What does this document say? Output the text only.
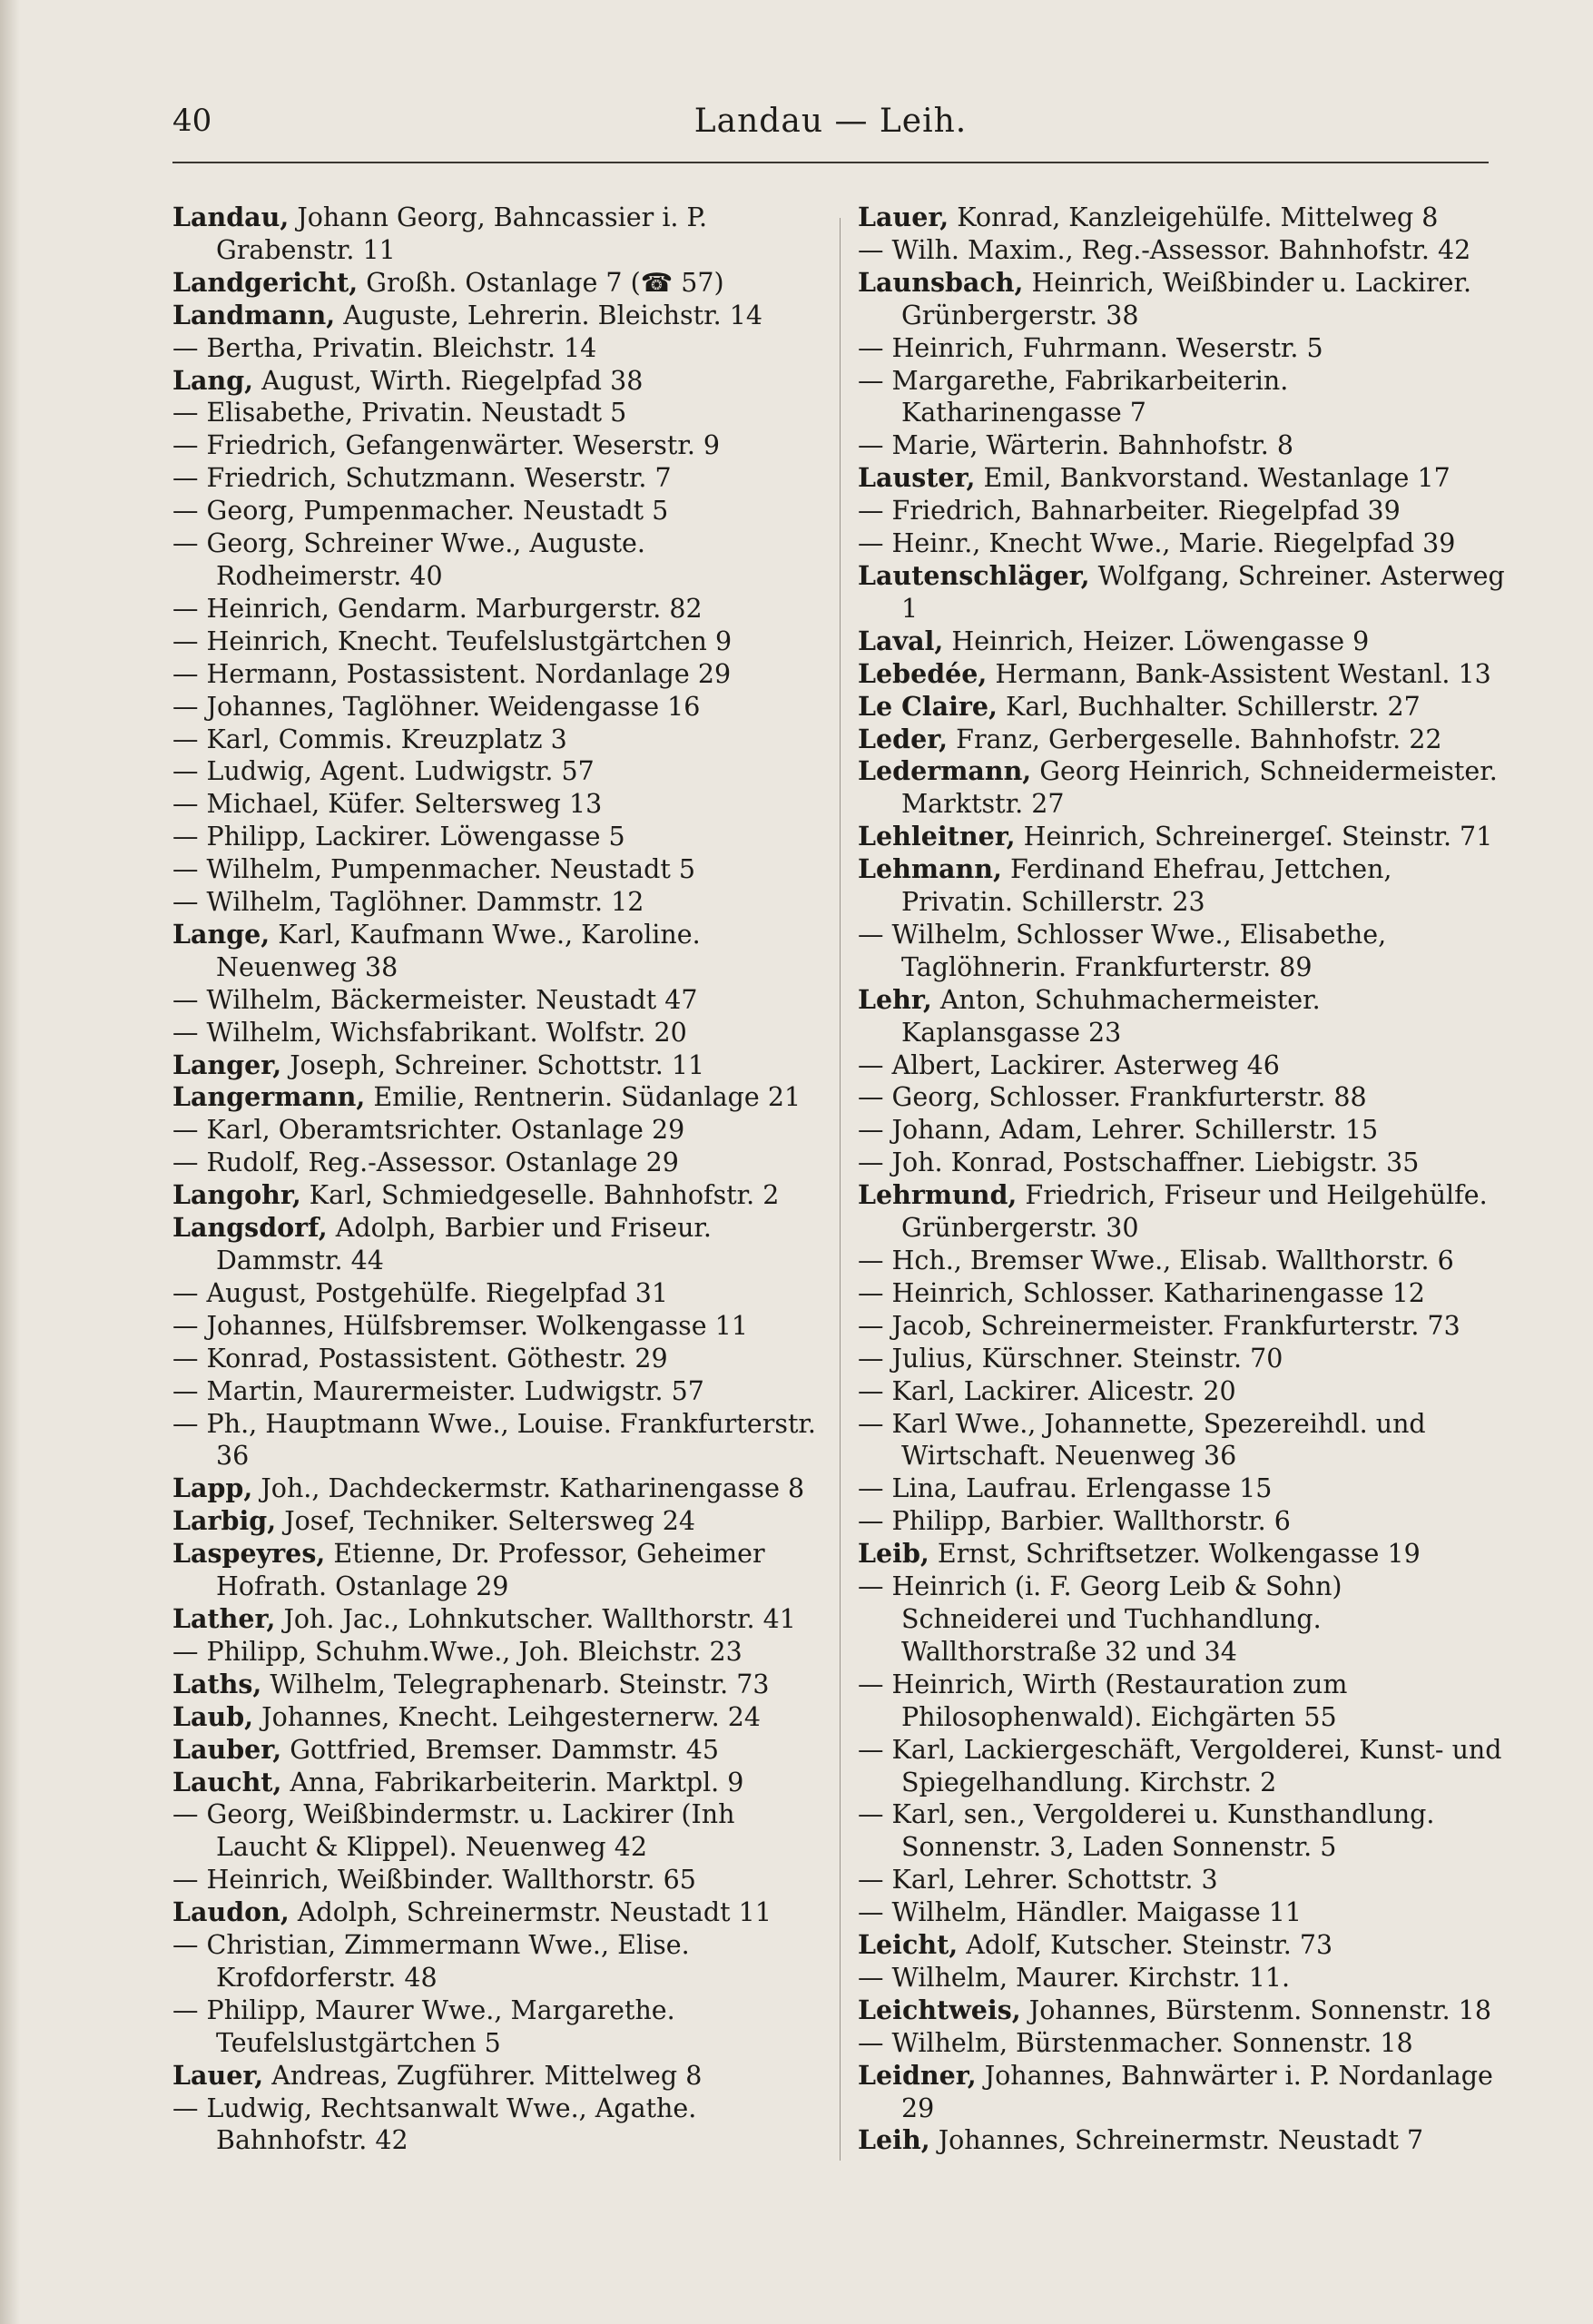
40	Landau — Leih.
Landau, Johann Georg, Bahncassier i. P. Grabenstr. 11
Landgericht, Großh. Ostanlage 7 (☎ 57)
Landmann, Auguste, Lehrerin. Bleichstr. 14
— Bertha, Privatin. Bleichstr. 14
Lang, August, Wirth. Riegelpfad 38
— Elisabethe, Privatin. Neustadt 5
— Friedrich, Gefangenwärter. Weserstr. 9
— Friedrich, Schutzmann. Weserstr. 7
— Georg, Pumpenmacher. Neustadt 5
— Georg, Schreiner Wwe., Auguste. Rodheimerstr. 40
— Heinrich, Gendarm. Marburgerstr. 82
— Heinrich, Knecht. Teufelslustgärtchen 9
— Hermann, Postassistent. Nordanlage 29
— Johannes, Taglöhner. Weidengasse 16
— Karl, Commis. Kreuzplatz 3
— Ludwig, Agent. Ludwigstr. 57
— Michael, Küfer. Selterswеg 13
— Philipp, Lackirer. Löwengasse 5
— Wilhelm, Pumpenmacher. Neustadt 5
— Wilhelm, Taglöhner. Dammstr. 12
Lange, Karl, Kaufmann Wwe., Karoline. Neuenweg 38
— Wilhelm, Bäckermeister. Neustadt 47
— Wilhelm, Wichsfabrikant. Wolfstr. 20
Langer, Joseph, Schreiner. Schottstr. 11
Langermann, Emilie, Rentnerin. Südanlage 21
— Karl, Oberamtsrichter. Ostanlage 29
— Rudolf, Reg.-Assessor. Ostanlage 29
Langohr, Karl, Schmiedgeselle. Bahnhofstr. 2
Langsdorf, Adolph, Barbier und Friseur. Dammstr. 44
— August, Postgehülfe. Riegelpfad 31
— Johannes, Hülfsbremser. Wolkengasse 11
— Konrad, Postassistent. Göthestr. 29
— Martin, Maurermeister. Ludwigstr. 57
— Ph., Hauptmann Wwe., Louise. Frankfurterstr. 36
Lapp, Joh., Dachdeckermstr. Katharinengasse 8
Larbig, Josef, Techniker. Seltersweg 24
Laspeyres, Etienne, Dr. Professor, Geheimer Hofrath. Ostanlage 29
Lather, Joh. Jac., Lohnkutscher. Wallthorstr. 41
— Philipp, Schuhm.Wwe., Joh. Bleichstr. 23
Laths, Wilhelm, Telegraphenarb. Steinstr. 73
Laub, Johannes, Knecht. Leihgesternerw. 24
Lauber, Gottfried, Bremser. Dammstr. 45
Laucht, Anna, Fabrikarbeiterin. Marktpl. 9
— Georg, Weißbindermstr. u. Lackirer (Inh Laucht & Klippel). Neuenweg 42
— Heinrich, Weißbinder. Wallthorstr. 65
Laudon, Adolph, Schreinermstr. Neustadt 11
— Christian, Zimmermann Wwe., Elise. Krofdorferstr. 48
— Philipp, Maurer Wwe., Margarethe. Teufelslustgärtchen 5
Lauer, Andreas, Zugführer. Mittelweg 8
— Ludwig, Rechtsanwalt Wwe., Agathe. Bahnhofstr. 42
Lauer, Konrad, Kanzleigehülfe. Mittelweg 8
— Wilh. Maxim., Reg.-Assessor. Bahnhofstr. 42
Launsbach, Heinrich, Weißbinder u. Lackirer. Grünbergerstr. 38
— Heinrich, Fuhrmann. Weserstr. 5
— Margarethe, Fabrikarbeiterin. Katharinengasse 7
— Marie, Wärterin. Bahnhofstr. 8
Lauster, Emil, Bankvorstand. Westanlage 17
— Friedrich, Bahnarbeiter. Riegelpfad 39
— Heinr., Knecht Wwe., Marie. Riegelpfad 39
Lautenschläger, Wolfgang, Schreiner. Asterweg 1
Laval, Heinrich, Heizer. Löwengasse 9
Lebedée, Hermann, Bank-Assistent Westanl. 13
Le Claire, Karl, Buchhalter. Schillerstr. 27
Leder, Franz, Gerbergeselle. Bahnhofstr. 22
Ledermann, Georg Heinrich, Schneidermeister. Marktstr. 27
Lehleitner, Heinrich, Schreinergeſ. Steinstr. 71
Lehmann, Ferdinand Ehefrau, Jettchen, Privatin. Schillerstr. 23
— Wilhelm, Schlosser Wwe., Elisabethe, Taglöhnerin. Frankfurterstr. 89
Lehr, Anton, Schuhmachermeister. Kaplansgasse 23
— Albert, Lackirer. Asterweg 46
— Georg, Schlosser. Frankfurterstr. 88
— Johann, Adam, Lehrer. Schillerstr. 15
— Joh. Konrad, Postschaffner. Liebigstr. 35
Lehrmund, Friedrich, Friseur und Heilgehülfe. Grünbergerstr. 30
— Hch., Bremser Wwe., Elisab. Wallthorstr. 6
— Heinrich, Schlosser. Katharinengasse 12
— Jacob, Schreinermeister. Frankfurterstr. 73
— Julius, Kürschner. Steinstr. 70
— Karl, Lackirer. Alicestr. 20
— Karl Wwe., Johannette, Spezereihdl. und Wirtschaft. Neuenweg 36
— Lina, Laufrau. Erlengasse 15
— Philipp, Barbier. Wallthorstr. 6
Leib, Ernst, Schriftsetzer. Wolkengasse 19
— Heinrich (i. F. Georg Leib & Sohn) Schneiderei und Tuchhandlung. Wallthorstraße 32 und 34
— Heinrich, Wirth (Restauration zum Philosophenwald). Eichgärten 55
— Karl, Lackiergeschäft, Vergolderei, Kunst- und Spiegelhandlung. Kirchstr. 2
— Karl, sen., Vergolderei u. Kunsthandlung. Sonnenstr. 3, Laden Sonnenstr. 5
— Karl, Lehrer. Schottstr. 3
— Wilhelm, Händler. Maigasse 11
Leicht, Adolf, Kutscher. Steinstr. 73
— Wilhelm, Maurer. Kirchstr. 11.
Leichtweis, Johannes, Bürstenm. Sonnenstr. 18
— Wilhelm, Bürstenmacher. Sonnenstr. 18
Leidner, Johannes, Bahnwärter i. P. Nordanlage 29
Leih, Johannes, Schreinermstr. Neustadt 7
